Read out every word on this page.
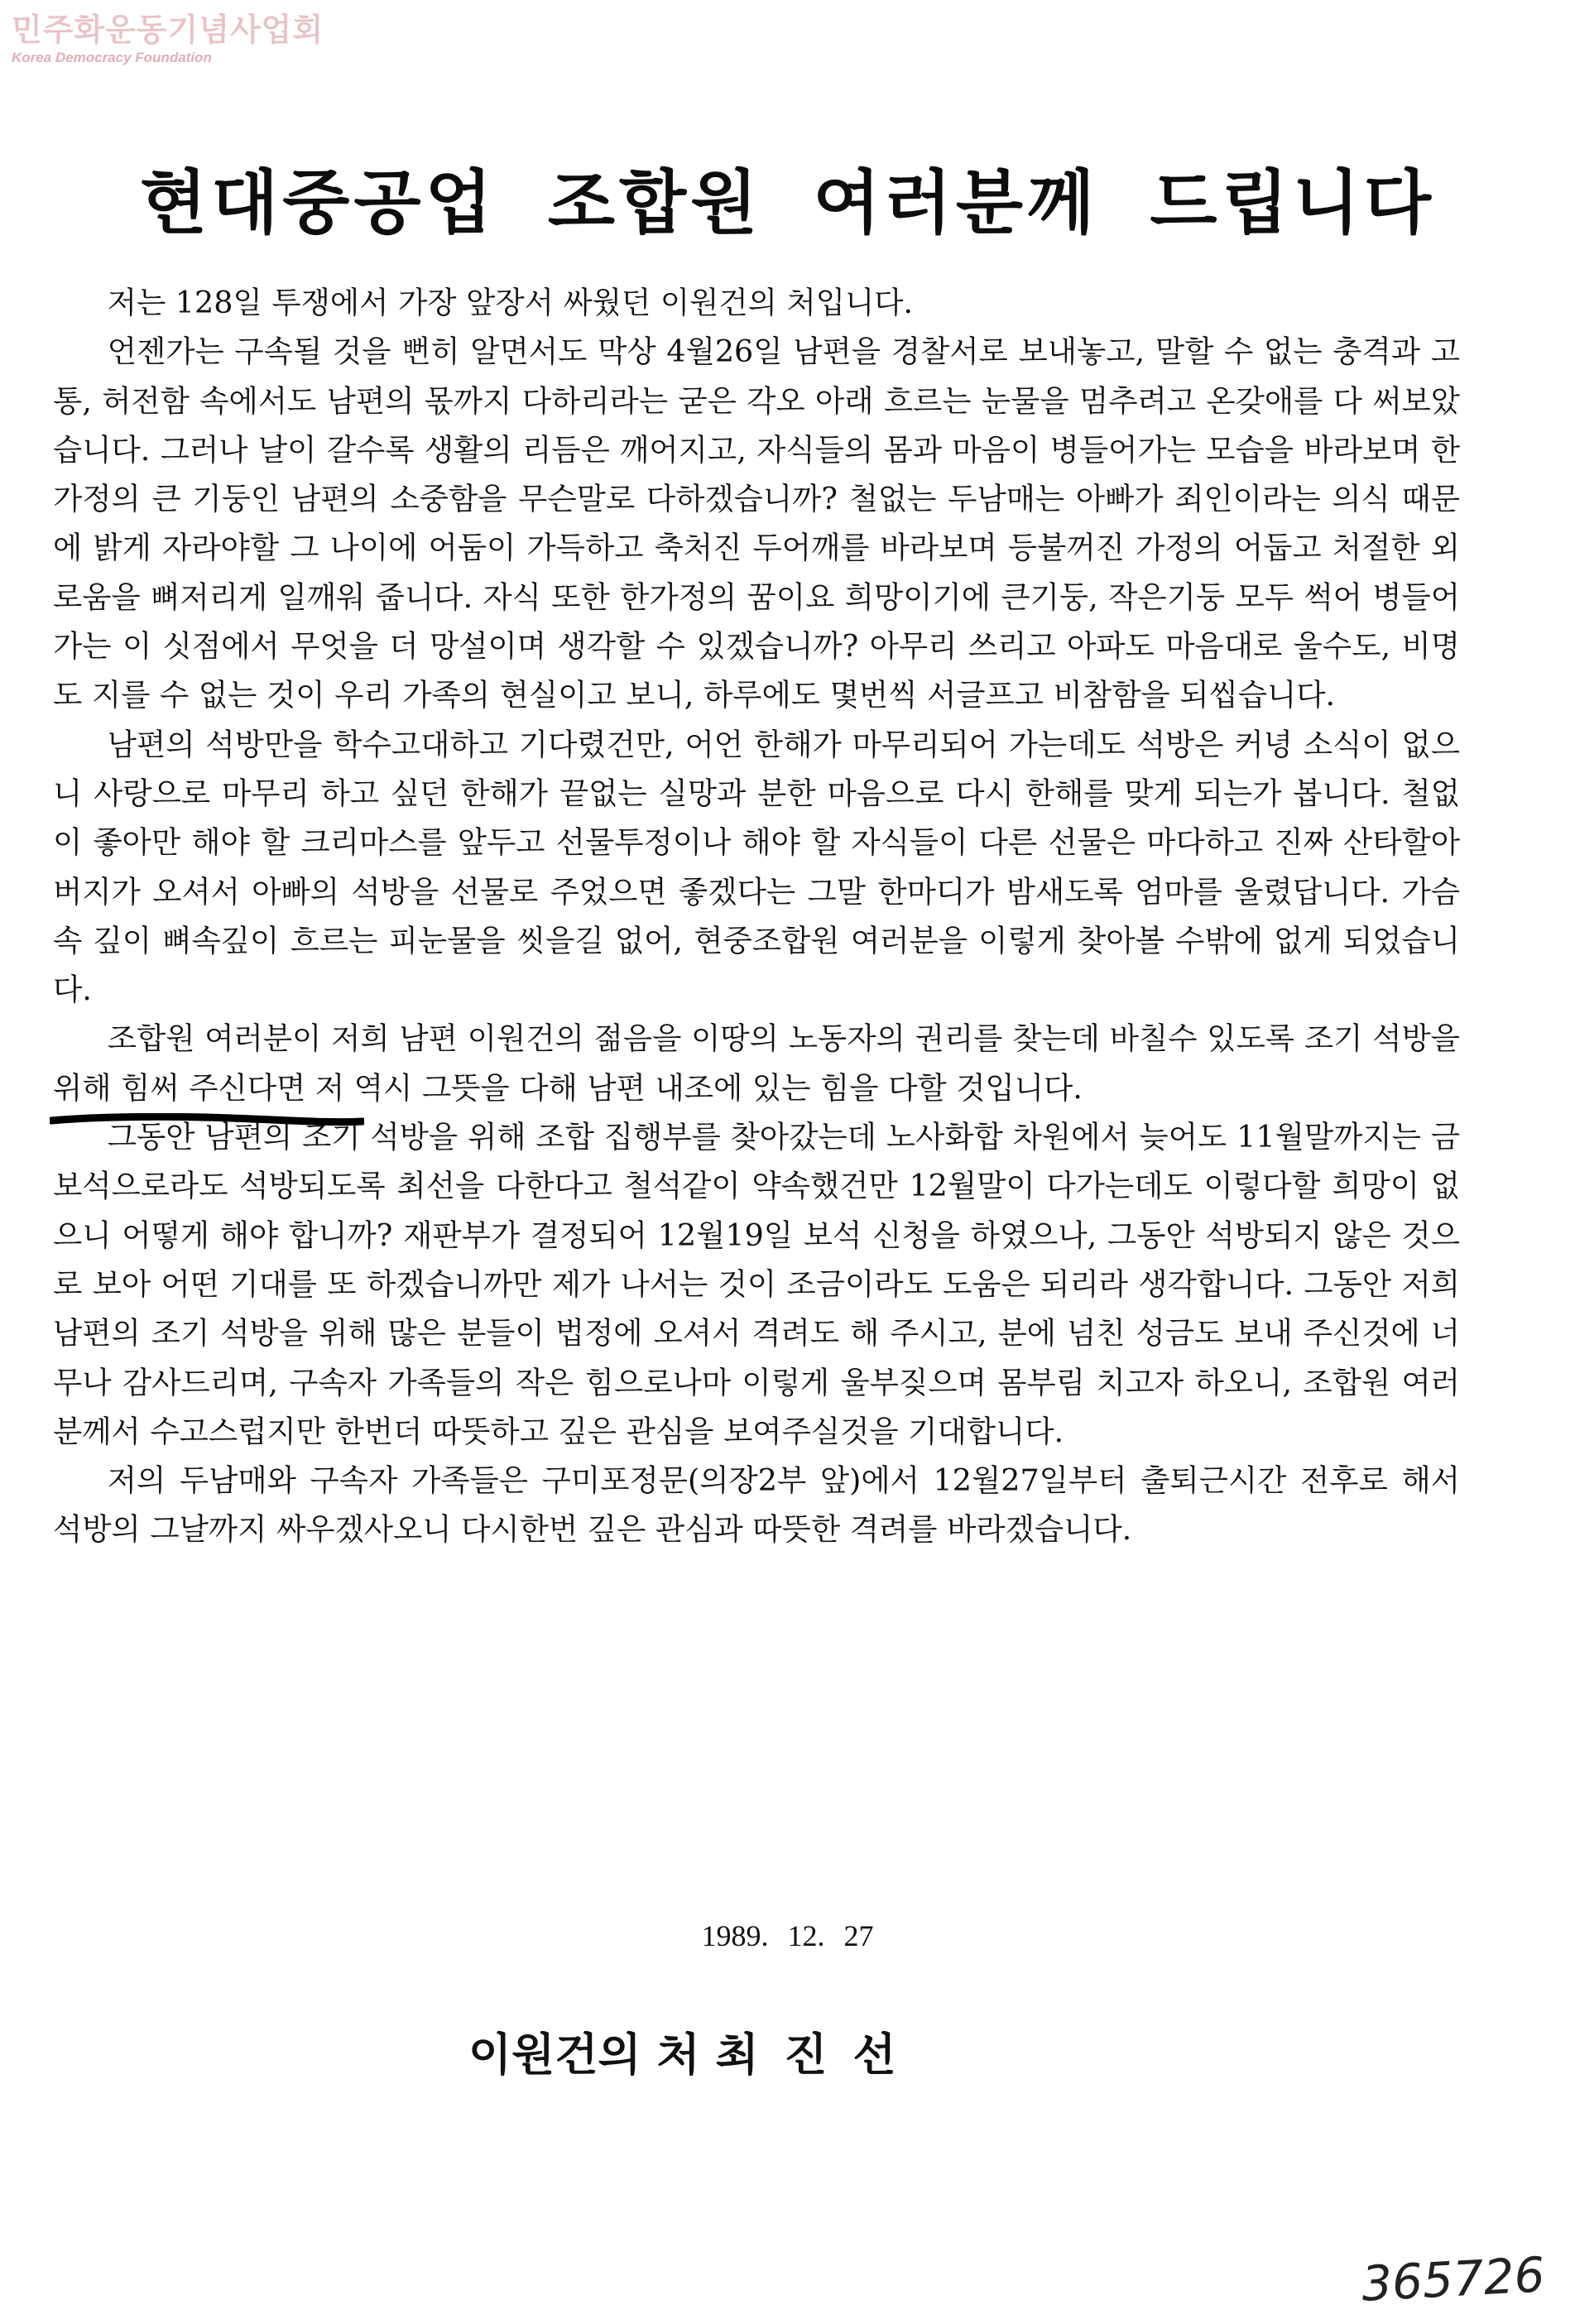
민주화운동기념사업회
Korea Democracy Foundation
현대중공업 조합원 여러분께 드립니다

저는 128일 투쟁에서 가장 앞장서 싸웠던 이원건의 처입니다.

언젠가는 구속될 것을 뻔히 알면서도 막상 4월26일 남편을 경찰서로 보내놓고, 말할 수 없는 충격과 고통, 허전함 속에서도 남편의 몫까지 다하리라는 굳은 각오 아래 흐르는 눈물을 멈추려고 온갖애를 다 써보았습니다. 그러나 날이 갈수록 생활의 리듬은 깨어지고, 자식들의 몸과 마음이 병들어가는 모습을 바라보며 한 가정의 큰 기둥인 남편의 소중함을 무슨말로 다하겠습니까? 철없는 두남매는 아빠가 죄인이라는 의식 때문에 밝게 자라야할 그 나이에 어둠이 가득하고 축처진 두어깨를 바라보며 등불꺼진 가정의 어둡고 처절한 외로움을 뼈저리게 일깨워 줍니다. 자식 또한 한가정의 꿈이요 희망이기에 큰기둥, 작은기둥 모두 썩어 병들어가는 이 싯점에서 무엇을 더 망설이며 생각할 수 있겠습니까? 아무리 쓰리고 아파도 마음대로 울수도, 비명도 지를 수 없는 것이 우리 가족의 현실이고 보니, 하루에도 몇번씩 서글프고 비참함을 되씹습니다.

남편의 석방만을 학수고대하고 기다렸건만, 어언 한해가 마무리되어 가는데도 석방은 커녕 소식이 없으니 사랑으로 마무리 하고 싶던 한해가 끝없는 실망과 분한 마음으로 다시 한해를 맞게 되는가 봅니다. 철없이 좋아만 해야 할 크리마스를 앞두고 선물투정이나 해야 할 자식들이 다른 선물은 마다하고 진짜 산타할아버지가 오셔서 아빠의 석방을 선물로 주었으면 좋겠다는 그말 한마디가 밤새도록 엄마를 울렸답니다. 가슴속 깊이 뼈속깊이 흐르는 피눈물을 씻을길 없어, 현중조합원 여러분을 이렇게 찾아볼 수밖에 없게 되었습니다.

조합원 여러분이 저희 남편 이원건의 젊음을 이땅의 노동자의 권리를 찾는데 바칠수 있도록 조기 석방을 위해 힘써 주신다면 저 역시 그뜻을 다해 남편 내조에 있는 힘을 다할 것입니다.

그동안 남편의 조기 석방을 위해 조합 집행부를 찾아갔는데 노사화합 차원에서 늦어도 11월말까지는 금보석으로라도 석방되도록 최선을 다한다고 철석같이 약속했건만 12월말이 다가는데도 이렇다할 희망이 없으니 어떻게 해야 합니까? 재판부가 결정되어 12월19일 보석 신청을 하였으나, 그동안 석방되지 않은 것으로 보아 어떤 기대를 또 하겠습니까만 제가 나서는 것이 조금이라도 도움은 되리라 생각합니다. 그동안 저희 남편의 조기 석방을 위해 많은 분들이 법정에 오셔서 격려도 해 주시고, 분에 넘친 성금도 보내 주신것에 너무나 감사드리며, 구속자 가족들의 작은 힘으로나마 이렇게 울부짖으며 몸부림 치고자 하오니, 조합원 여러분께서 수고스럽지만 한번더 따뜻하고 깊은 관심을 보여주실것을 기대합니다.

저의 두남매와 구속자 가족들은 구미포정문(의장2부 앞)에서 12월27일부터 출퇴근시간 전후로 해서 석방의 그날까지 싸우겠사오니 다시한번 깊은 관심과 따뜻한 격려를 바라겠습니다.

1989. 12. 27
이원건의 처 최 진 선
365726
